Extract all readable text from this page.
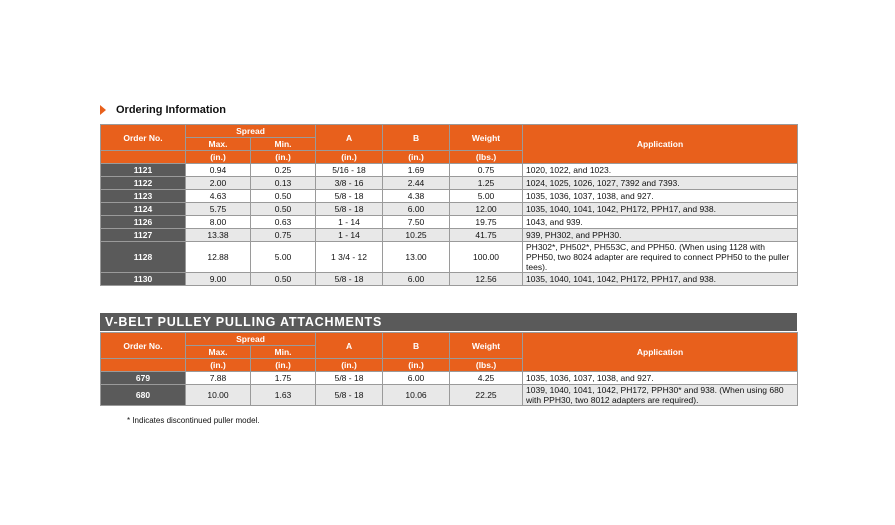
Ordering Information
Order No.	Spread		A	B	Weight	Application
	Max.	Min.				
	(in.)	(in.)	(in.)	(in.)	(lbs.)	
1121	0.94	0.25	5/16 - 18	1.69	0.75	1020, 1022, and 1023.
1122	2.00	0.13	3/8 - 16	2.44	1.25	1024, 1025, 1026, 1027, 7392 and 7393.
1123	4.63	0.50	5/8 - 18	4.38	5.00	1035, 1036, 1037, 1038, and 927.
1124	5.75	0.50	5/8 - 18	6.00	12.00	1035, 1040, 1041, 1042, PH172, PPH17, and 938.
1126	8.00	0.63	1 - 14	7.50	19.75	1043, and 939.
1127	13.38	0.75	1 - 14	10.25	41.75	939, PH302, and PPH30.
1128	12.88	5.00	1 3/4 - 12	13.00	100.00	PH302*, PH502*, PH553C, and PPH50. (When using 1128 with PPH50, two 8024 adapter are required to connect PPH50 to the puller tees).
1130	9.00	0.50	5/8 - 18	6.00	12.56	1035, 1040, 1041, 1042, PH172, PPH17, and 938.
V-BELT PULLEY PULLING ATTACHMENTS
Order No.	Spread		A	B	Weight	Application
	Max.	Min.				
	(in.)	(in.)	(in.)	(in.)	(lbs.)	
679	7.88	1.75	5/8 - 18	6.00	4.25	1035, 1036, 1037, 1038, and 927.
680	10.00	1.63	5/8 - 18	10.06	22.25	1039, 1040, 1041, 1042, PH172, PPH30* and 938. (When using 680 with PPH30, two 8012 adapters are required).
* Indicates discontinued puller model.
